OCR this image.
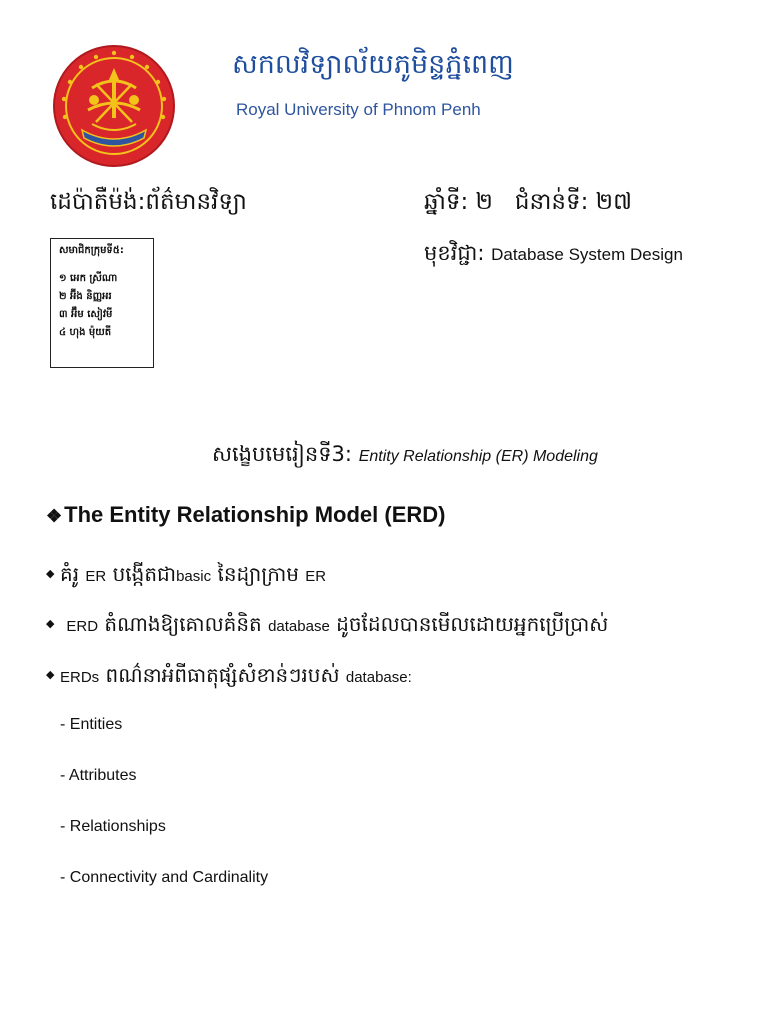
សកលវិទ្យាល័យភូមិន្ទភ្នំពេញ
Royal University of Phnom Penh
ដេប៉ាតឺម៉ង់:ព័ត៌មានវិទ្យា	ឆ្នាំទី: ២ ជំនាន់ទី: ២៧
មុខវិជ្ជា: Database System Design
សមាជិកក្រុមទី៥:
១ អេក ស្រីណា
២ អ៊ីង និញ្ញអរ
៣ អ៊ឹម សៀវមី
៤ ហុង ម៉ុយតី
សង្ខេបមេរៀនទី3: Entity Relationship (ER) Modeling
❖The Entity Relationship Model (ERD)
◆ គំរូ ER បង្កើតជាbasic នៃដ្យាក្រាម ER
◆ ERD តំណាងឱ្យគោលគំនិត database ដូចដែលបានមើលដោយអ្នកប្រើប្រាស់
◆ ERDs ពណ៌នាអំពីធាតុផ្សំសំខាន់ៗរបស់ database:
- Entities
- Attributes
- Relationships
- Connectivity and Cardinality
